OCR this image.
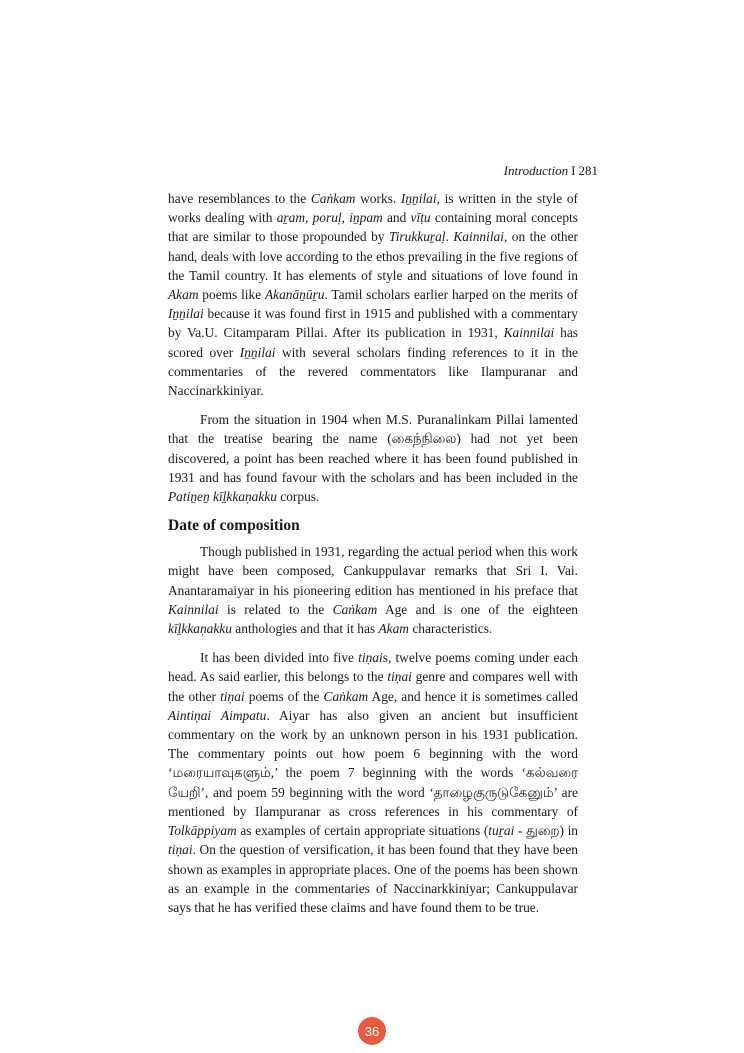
Introduction I 281

have resemblances to the Caṅkam works. Iṉṉilai, is written in the style of works dealing with aṟam, poruḷ, iṉpam and vīṭu containing moral concepts that are similar to those propounded by Tirukkuṟaḷ. Kainnilai, on the other hand, deals with love according to the ethos prevailing in the five regions of the Tamil country. It has elements of style and situations of love found in Akam poems like Akanāṉūṟu. Tamil scholars earlier harped on the merits of Iṉṉilai because it was found first in 1915 and published with a commentary by Va.U. Citamparam Pillai. After its publication in 1931, Kainnilai has scored over Iṉṉilai with several scholars finding references to it in the commentaries of the revered commentators like Ilampuranar and Naccinarkkiniyar.

From the situation in 1904 when M.S. Puranalinkam Pillai lamented that the treatise bearing the name (கைந்நிலை) had not yet been discovered, a point has been reached where it has been found published in 1931 and has found favour with the scholars and has been included in the Patiṉeṉ kīḻkkaṇakku corpus.

Date of composition

Though published in 1931, regarding the actual period when this work might have been composed, Cankuppulavar remarks that Sri I. Vai. Anantaramaiyar in his pioneering edition has mentioned in his preface that Kainnilai is related to the Caṅkam Age and is one of the eighteen kīḻkkaṇakku anthologies and that it has Akam characteristics.

It has been divided into five tiṇais, twelve poems coming under each head. As said earlier, this belongs to the tiṇai genre and compares well with the other tiṇai poems of the Caṅkam Age, and hence it is sometimes called Aintiṇai Aimpatu. Aiyar has also given an ancient but insufficient commentary on the work by an unknown person in his 1931 publication. The commentary points out how poem 6 beginning with the word ‘மரையாவுகளும்,’ the poem 7 beginning with the words ‘கல்வரை யேறி’, and poem 59 beginning with the word ‘தாழைகுருடுகேனும்’ are mentioned by Ilampuranar as cross references in his commentary of Tolkāppiyam as examples of certain appropriate situations (tuṟai - துறை) in tiṇai. On the question of versification, it has been found that they have been shown as examples in appropriate places. One of the poems has been shown as an example in the commentaries of Naccinarkkiniyar; Cankuppulavar says that he has verified these claims and have found them to be true.

36
